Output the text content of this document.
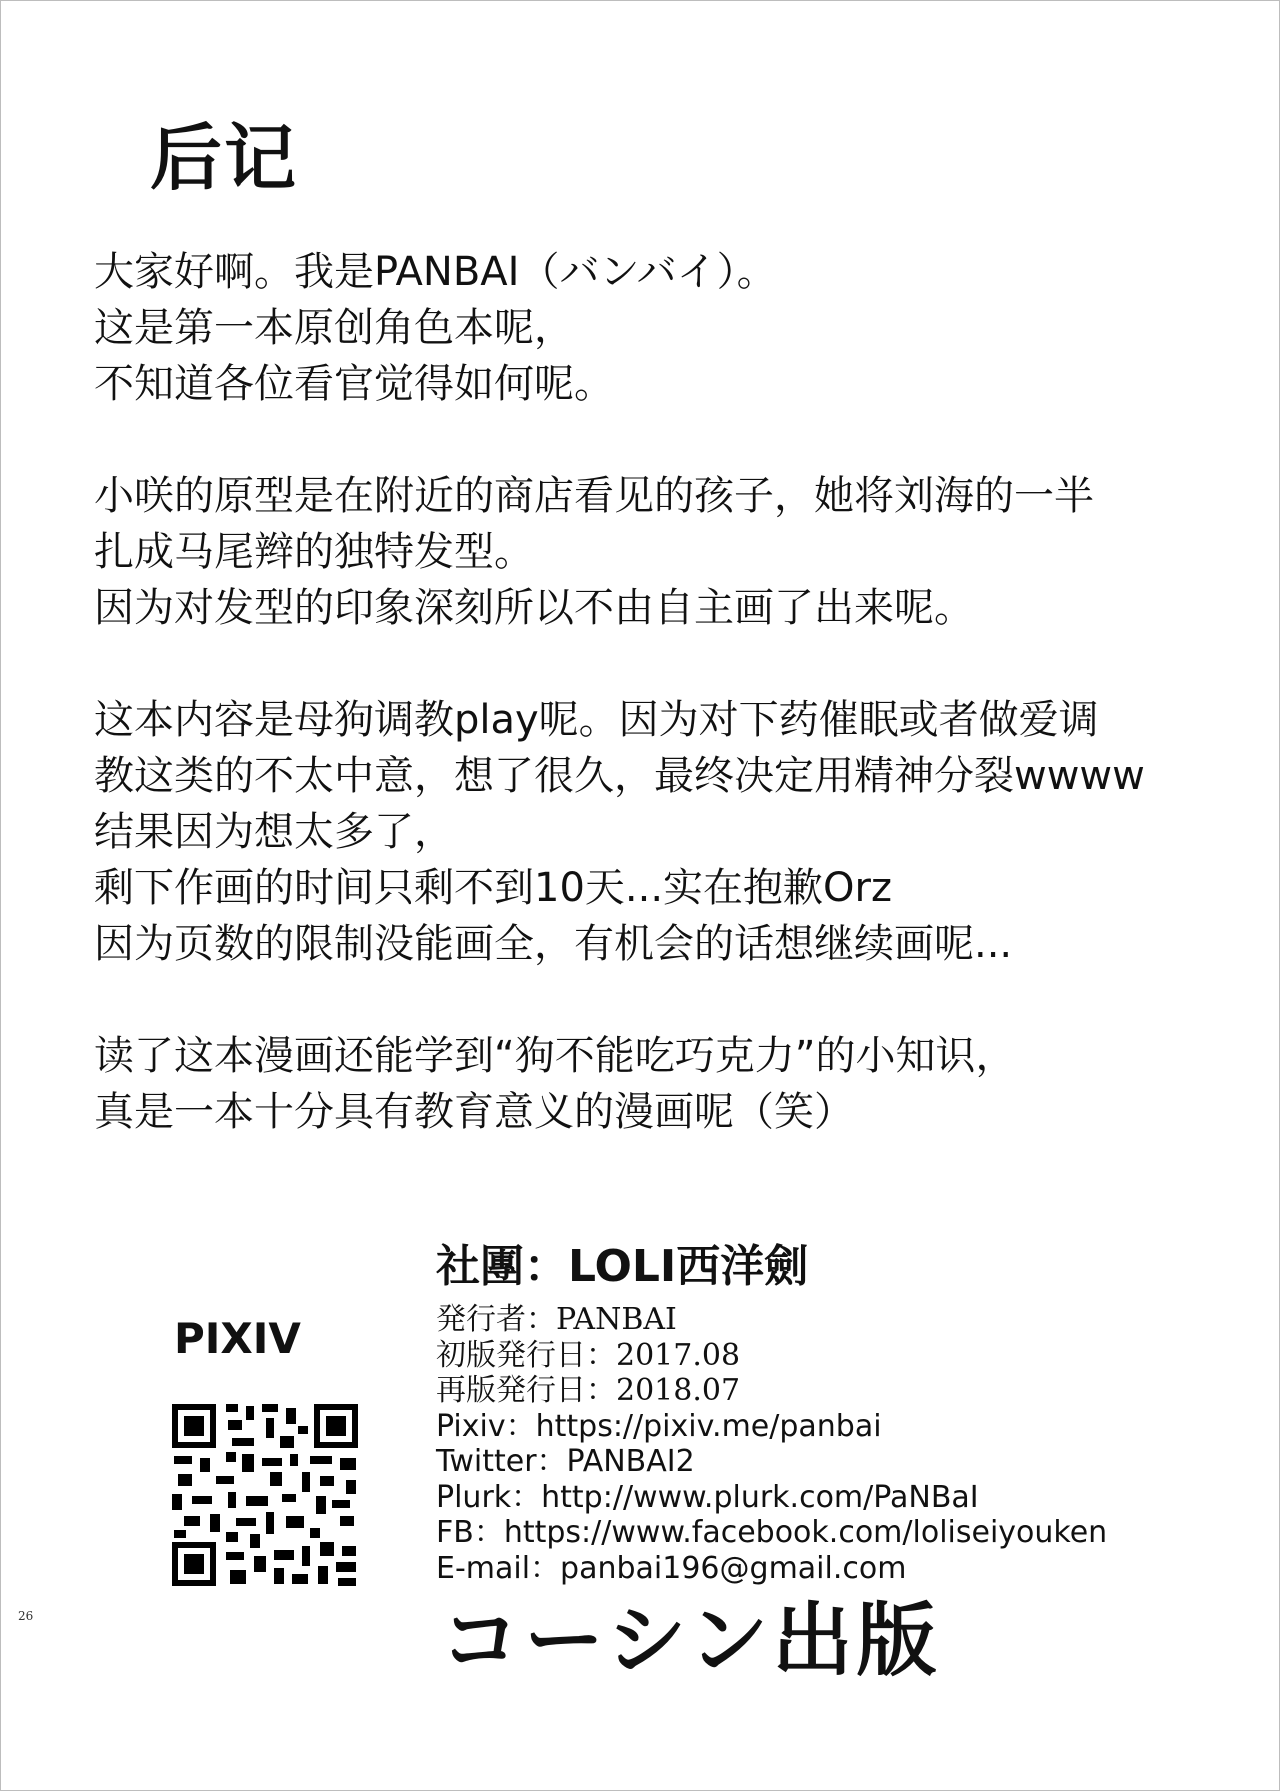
后记
大家好啊。我是PANBAI（バンバイ）。
这是第一本原创角色本呢，
不知道各位看官觉得如何呢。
小咲的原型是在附近的商店看见的孩子，她将刘海的一半
扎成马尾辫的独特发型。
因为对发型的印象深刻所以不由自主画了出来呢。
这本内容是母狗调教play呢。因为对下药催眠或者做爱调
教这类的不太中意，想了很久，最终决定用精神分裂wwww
结果因为想太多了，
剩下作画的时间只剩不到10天...实在抱歉Orz
因为页数的限制没能画全，有机会的话想继续画呢...
读了这本漫画还能学到“狗不能吃巧克力”的小知识，
真是一本十分具有教育意义的漫画呢（笑）
社團：LOLI西洋劍
発行者：PANBAI
初版発行日：2017.08
再版発行日：2018.07
Pixiv：https://pixiv.me/panbai
Twitter：PANBAI2
Plurk：http://www.plurk.com/PaNBaI
FB：https://www.facebook.com/loliseiyouken
E-mail：panbai196@gmail.com
PIXIV
26	コーシン出版
